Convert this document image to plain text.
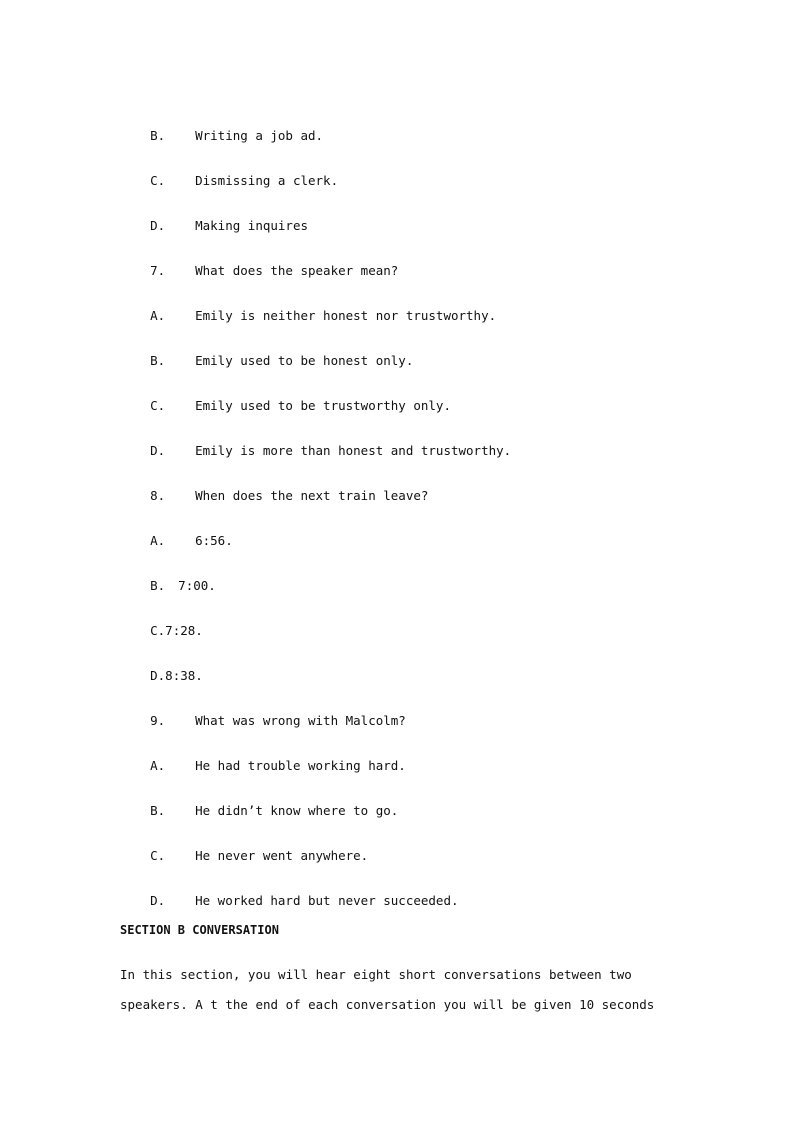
B. Writing a job ad.

C. Dismissing a clerk.

D. Making inquires

7. What does the speaker mean?

A. Emily is neither honest nor trustworthy.

B. Emily used to be honest only.

C. Emily used to be trustworthy only.

D. Emily is more than honest and trustworthy.

8. When does the next train leave?

A. 6:56.

B. 7:00.

C.7:28.

D.8:38.

9. What was wrong with Malcolm?

A. He had trouble working hard.

B. He didn’t know where to go.

C. He never went anywhere.

D. He worked hard but never succeeded.

SECTION B CONVERSATION
In this section, you will hear eight short conversations between two
speakers. A t the end of each conversation you will be given 10 seconds
